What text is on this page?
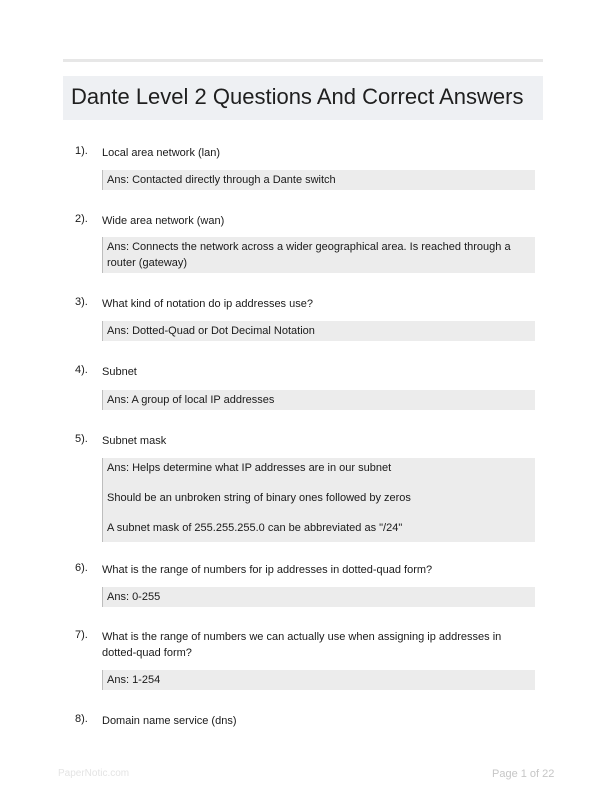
Dante Level 2 Questions And Correct Answers
1). Local area network (lan)

Ans: Contacted directly through a Dante switch

2). Wide area network (wan)

Ans: Connects the network across a wider geographical area. Is reached through a router (gateway)

3). What kind of notation do ip addresses use?

Ans: Dotted-Quad or Dot Decimal Notation

4). Subnet

Ans: A group of local IP addresses

5). Subnet mask

Ans: Helps determine what IP addresses are in our subnet

Should be an unbroken string of binary ones followed by zeros

A subnet mask of 255.255.255.0 can be abbreviated as "/24"

6). What is the range of numbers for ip addresses in dotted-quad form?

Ans: 0-255

7). What is the range of numbers we can actually use when assigning ip addresses in dotted-quad form?

Ans: 1-254

8). Domain name service (dns)
PaperNotic.com	Page 1 of 22
